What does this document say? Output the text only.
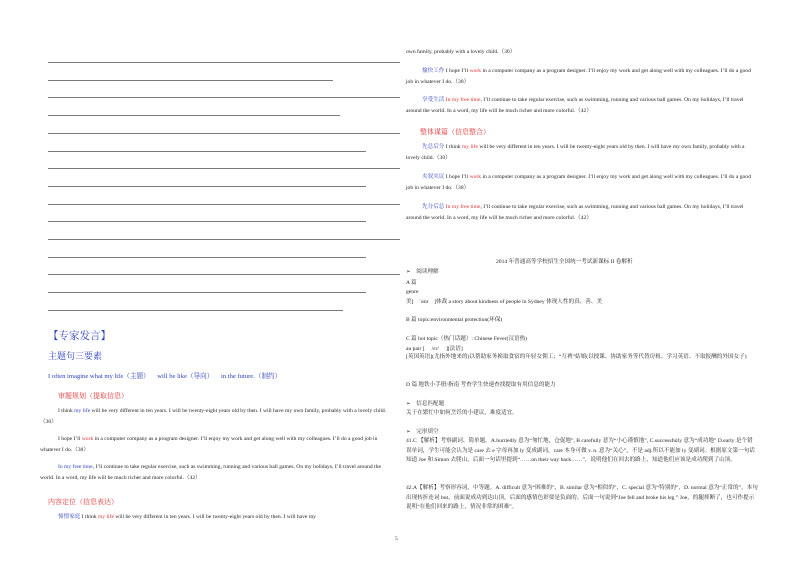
【专家发言】
主题句三要素
I often imagine what my life（主题） will be like（导向） in the future.（制约）
审题规划（提取信息）
I think my life will be very different in ten years. I will be twenty-eight years old by then. I will have my own family, probably with a lovely child.（30）
I hope I’ll work in a computer company as a program designer. I’ll enjoy my work and get along well with my colleagues. I’ll do a good job in whatever I do.（38）
In my free time, I’ll continue to take regular exercise, such as swimming, running and various ball games. On my holidays, I’ll travel around the world. In a word, my life will be much richer and more colorful.（42）
内容定位（信息表达）
憧憬家庭 I think my life will be very different in ten years. I will be twenty-eight years old by then. I will have my
own family, probably with a lovely child.（30）
愉快工作 I hope I’ll work in a computer company as a program designer. I’ll enjoy my work and get along well with my colleagues. I’ll do a good job in whatever I do.（38）
享受生活 In my free time, I’ll continue to take regular exercise, such as swimming, running and various ball games. On my holidays, I’ll travel around the world. In a word, my life will be much richer and more colorful.（42）
整体谋篇（信息整合）
先总后分 I think my life will be very different in ten years. I will be twenty-eight years old by then. I will have my own family, probably with a lovely child.（30）
夹叙夹议 I hope I’ll work in a computer company as a program designer. I’ll enjoy my work and get along well with my colleagues. I’ll do a good job in whatever I do.（38）
先分后总 In my free time, I’ll continue to take regular exercise, such as swimming, running and various ball games. On my holidays, I’ll travel around the world. In a word, my life will be much richer and more colorful.（42）
2014 年普通高等学校招生全国统一考试新课标 II 卷解析
➢　阅读理解
A 篇
genre
美[　ˈɑnr　]体裁 a story about kindness of people in Sydney 体现人性的真、善、美
B 篇 topic:environmental protection(环保)
C 篇 hot topic（热门话题）: Chinese Fever(汉语热)
au pair [　 /ɛr/　 ][法语]
[英国英语](尤指外地来的)以帮助家务换取食宿的年轻女佣工；“互裨”姑娘(以授课、协助家务等代替房租、学习英语、不取报酬的外国女子)
D 篇 地铁小手册/指南 考查学生快速查找提取有用信息的能力
➢　信息匹配题
关于在繁忙中如何烹饪的小建议，难度适宜。
➢　完形填空
41.C 【解析】考察副词、简单题。A.hurriedly 意为“匆忙地，仓促地”, B carefully 意为“小心谨慎地”, C.successfully 意为“成功地” D.early 是个错误单词，学生可能会认为是 care 去 e 字母再加 ly 变成副词，care 本身可做 v. n. 意为“关心”，不是 adj.所以不能加 ly 变副词。根据原文第一句话知道 Joe 和 Simon 去爬山，后面一句话里提到“……on their way back……”，说明他们在回去的路上，知道他们应该是成功爬到了山顶。
42.A【解析】考察形容词，中等题。A. difficult 意为“困难的”，B. similar 意为“相似的”，C. special 意为“特别的”，D. normal 意为“正常的”。本句出现转折连词 but，前面说成功到达山顶，后面的感情色彩要是负面的。后面一句说到“Joe fell and broke his leg ” Joe，的腿摔断了，也可作提示说明“在他们回来的路上，情况非常的困难”。
5
